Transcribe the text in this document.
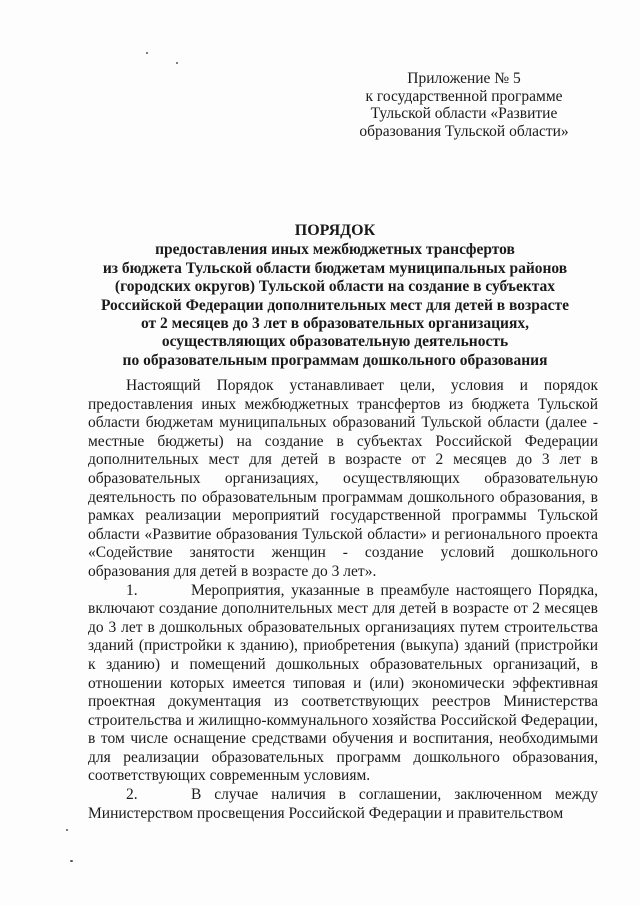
Приложение № 5
к государственной программе
Тульской области «Развитие
образования Тульской области»
ПОРЯДОК
предоставления иных межбюджетных трансфертов
из бюджета Тульской области бюджетам муниципальных районов
(городских округов) Тульской области на создание в субъектах
Российской Федерации дополнительных мест для детей в возрасте
от 2 месяцев до 3 лет в образовательных организациях,
осуществляющих образовательную деятельность
по образовательным программам дошкольного образования

Настоящий Порядок устанавливает цели, условия и порядок предоставления иных межбюджетных трансфертов из бюджета Тульской области бюджетам муниципальных образований Тульской области (далее - местные бюджеты) на создание в субъектах Российской Федерации дополнительных мест для детей в возрасте от 2 месяцев до 3 лет в образовательных организациях, осуществляющих образовательную деятельность по образовательным программам дошкольного образования, в рамках реализации мероприятий государственной программы Тульской области «Развитие образования Тульской области» и регионального проекта «Содействие занятости женщин - создание условий дошкольного образования для детей в возрасте до 3 лет».

1.	Мероприятия, указанные в преамбуле настоящего Порядка, включают создание дополнительных мест для детей в возрасте от 2 месяцев до 3 лет в дошкольных образовательных организациях путем строительства зданий (пристройки к зданию), приобретения (выкупа) зданий (пристройки к зданию) и помещений дошкольных образовательных организаций, в отношении которых имеется типовая и (или) экономически эффективная проектная документация из соответствующих реестров Министерства строительства и жилищно-коммунального хозяйства Российской Федерации, в том числе оснащение средствами обучения и воспитания, необходимыми для реализации образовательных программ дошкольного образования, соответствующих современным условиям.

2.	В случае наличия в соглашении, заключенном между Министерством просвещения Российской Федерации и правительством
